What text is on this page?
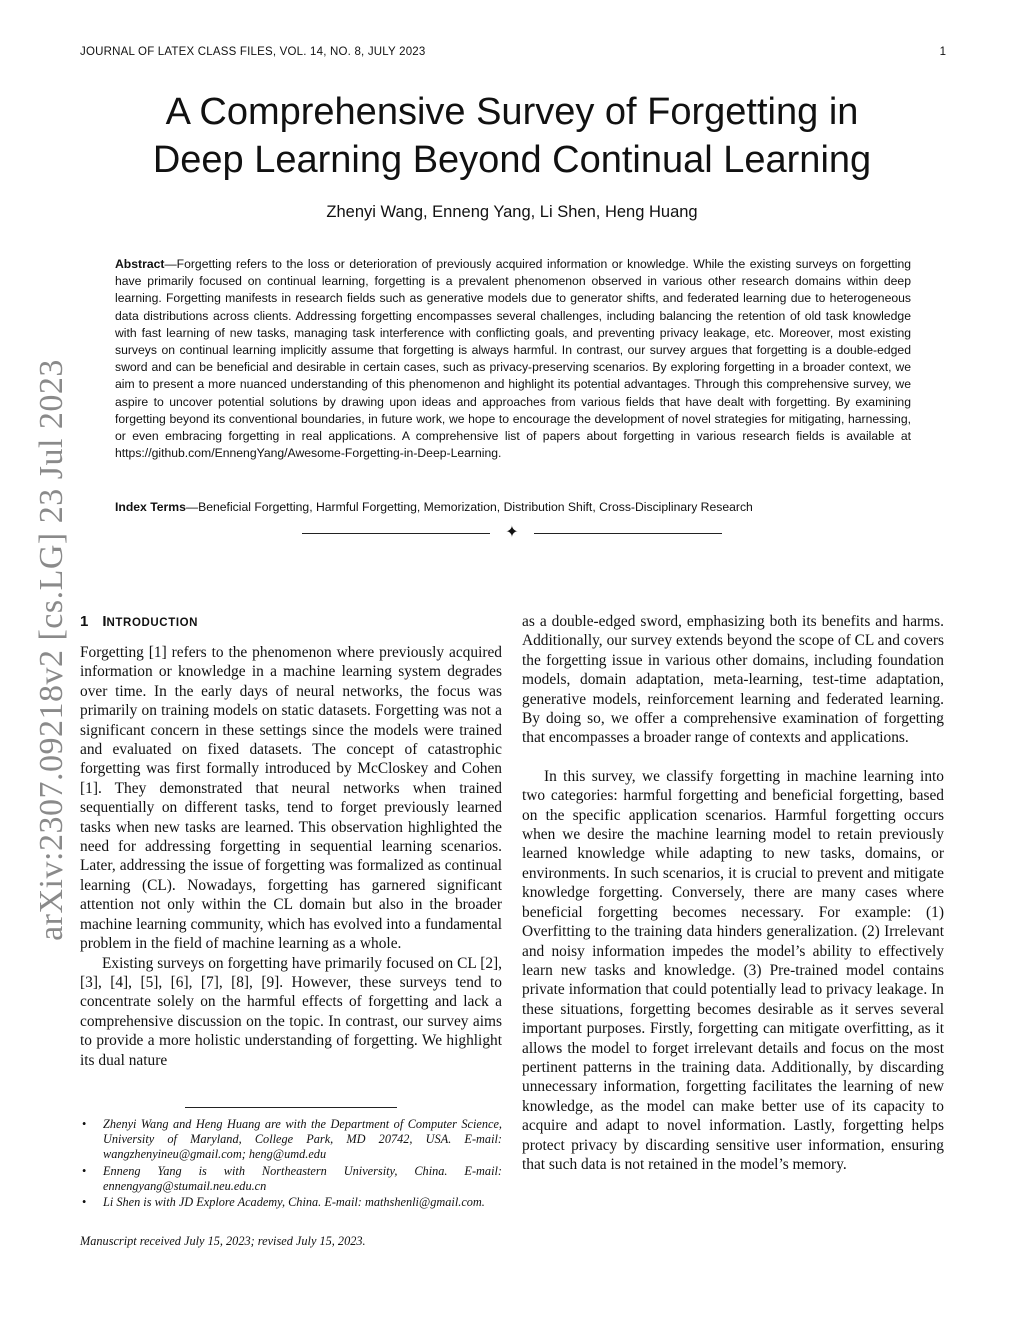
JOURNAL OF LATEX CLASS FILES, VOL. 14, NO. 8, JULY 2023	1
arXiv:2307.09218v2 [cs.LG] 23 Jul 2023
A Comprehensive Survey of Forgetting in
Deep Learning Beyond Continual Learning
Zhenyi Wang, Enneng Yang, Li Shen, Heng Huang

Abstract—Forgetting refers to the loss or deterioration of previously acquired information or knowledge. While the existing surveys on forgetting have primarily focused on continual learning, forgetting is a prevalent phenomenon observed in various other research domains within deep learning. Forgetting manifests in research fields such as generative models due to generator shifts, and federated learning due to heterogeneous data distributions across clients. Addressing forgetting encompasses several challenges, including balancing the retention of old task knowledge with fast learning of new tasks, managing task interference with conflicting goals, and preventing privacy leakage, etc. Moreover, most existing surveys on continual learning implicitly assume that forgetting is always harmful. In contrast, our survey argues that forgetting is a double-edged sword and can be beneficial and desirable in certain cases, such as privacy-preserving scenarios. By exploring forgetting in a broader context, we aim to present a more nuanced understanding of this phenomenon and highlight its potential advantages. Through this comprehensive survey, we aspire to uncover potential solutions by drawing upon ideas and approaches from various fields that have dealt with forgetting. By examining forgetting beyond its conventional boundaries, in future work, we hope to encourage the development of novel strategies for mitigating, harnessing, or even embracing forgetting in real applications. A comprehensive list of papers about forgetting in various research fields is available at https://github.com/EnnengYang/Awesome-Forgetting-in-Deep-Learning.

Index Terms—Beneficial Forgetting, Harmful Forgetting, Memorization, Distribution Shift, Cross-Disciplinary Research

✦
1 INTRODUCTION

Forgetting [1] refers to the phenomenon where previously acquired information or knowledge in a machine learning system degrades over time. In the early days of neural networks, the focus was primarily on training models on static datasets. Forgetting was not a significant concern in these settings since the models were trained and evaluated on fixed datasets. The concept of catastrophic forgetting was first formally introduced by McCloskey and Cohen [1]. They demonstrated that neural networks when trained sequentially on different tasks, tend to forget previously learned tasks when new tasks are learned. This observation highlighted the need for addressing forgetting in sequential learning scenarios. Later, addressing the issue of forgetting was formalized as continual learning (CL). Nowadays, forgetting has garnered significant attention not only within the CL domain but also in the broader machine learning community, which has evolved into a fundamental problem in the field of machine learning as a whole.

Existing surveys on forgetting have primarily focused on CL [2], [3], [4], [5], [6], [7], [8], [9]. However, these surveys tend to concentrate solely on the harmful effects of forgetting and lack a comprehensive discussion on the topic. In contrast, our survey aims to provide a more holistic understanding of forgetting. We highlight its dual nature

as a double-edged sword, emphasizing both its benefits and harms. Additionally, our survey extends beyond the scope of CL and covers the forgetting issue in various other domains, including foundation models, domain adaptation, meta-learning, test-time adaptation, generative models, reinforcement learning and federated learning. By doing so, we offer a comprehensive examination of forgetting that encompasses a broader range of contexts and applications.

In this survey, we classify forgetting in machine learning into two categories: harmful forgetting and beneficial forgetting, based on the specific application scenarios. Harmful forgetting occurs when we desire the machine learning model to retain previously learned knowledge while adapting to new tasks, domains, or environments. In such scenarios, it is crucial to prevent and mitigate knowledge forgetting. Conversely, there are many cases where beneficial forgetting becomes necessary. For example: (1) Overfitting to the training data hinders generalization. (2) Irrelevant and noisy information impedes the model’s ability to effectively learn new tasks and knowledge. (3) Pre-trained model contains private information that could potentially lead to privacy leakage. In these situations, forgetting becomes desirable as it serves several important purposes. Firstly, forgetting can mitigate overfitting, as it allows the model to forget irrelevant details and focus on the most pertinent patterns in the training data. Additionally, by discarding unnecessary information, forgetting facilitates the learning of new knowledge, as the model can make better use of its capacity to acquire and adapt to novel information. Lastly, forgetting helps protect privacy by discarding sensitive user information, ensuring that such data is not retained in the model’s memory.

• Zhenyi Wang and Heng Huang are with the Department of Computer Science, University of Maryland, College Park, MD 20742, USA. E-mail: wangzhenyineu@gmail.com; heng@umd.edu
• Enneng Yang is with Northeastern University, China. E-mail: ennengyang@stumail.neu.edu.cn
• Li Shen is with JD Explore Academy, China. E-mail: mathshenli@gmail.com.
Manuscript received July 15, 2023; revised July 15, 2023.
